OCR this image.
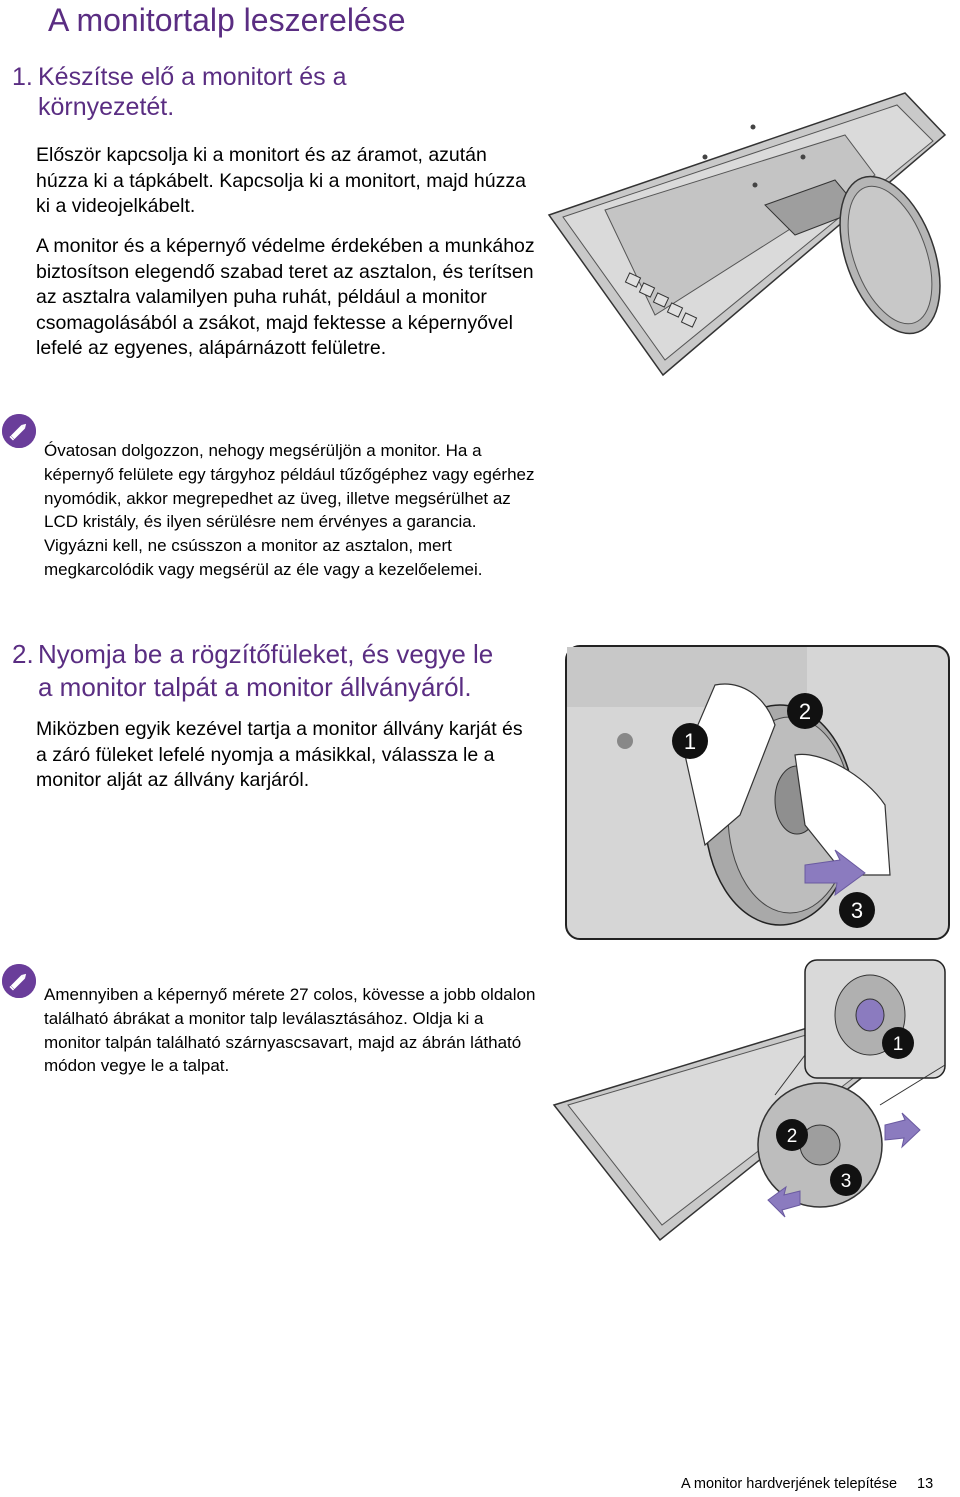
A monitortalp leszerelése
1. Készítse elő a monitort és a
környezetét.
Először kapcsolja ki a monitort és az áramot, azután húzza ki a tápkábelt. Kapcsolja ki a monitort, majd húzza ki a videojelkábelt.
A monitor és a képernyő védelme érdekében a munkához biztosítson elegendő szabad teret az asztalon, és terítsen az asztalra valamilyen puha ruhát, például a monitor csomagolásából a zsákot, majd fektesse a képernyővel lefelé az egyenes, alápárnázott felületre.
Óvatosan dolgozzon, nehogy megsérüljön a monitor. Ha a képernyő felülete egy tárgyhoz például tűzőgéphez vagy egérhez nyomódik, akkor megrepedhet az üveg, illetve megsérülhet az LCD kristály, és ilyen sérülésre nem érvényes a garancia. Vigyázni kell, ne csússzon a monitor az asztalon, mert megkarcolódik vagy megsérül az éle vagy a kezelőelemei.
2. Nyomja be a rögzítőfüleket, és vegye le
a monitor talpát a monitor állványáról.
Miközben egyik kezével tartja a monitor állvány karját és a záró füleket lefelé nyomja a másikkal, válassza le a monitor alját az állvány karjáról.
Amennyiben a képernyő mérete 27 colos, kövesse a jobb oldalon található ábrákat a monitor talp leválasztásához. Oldja ki a monitor talpán található szárnyascsavart, majd az ábrán látható módon vegye le a talpat.
1
2
3
1
2
3
A monitor hardverjének telepítése 13
